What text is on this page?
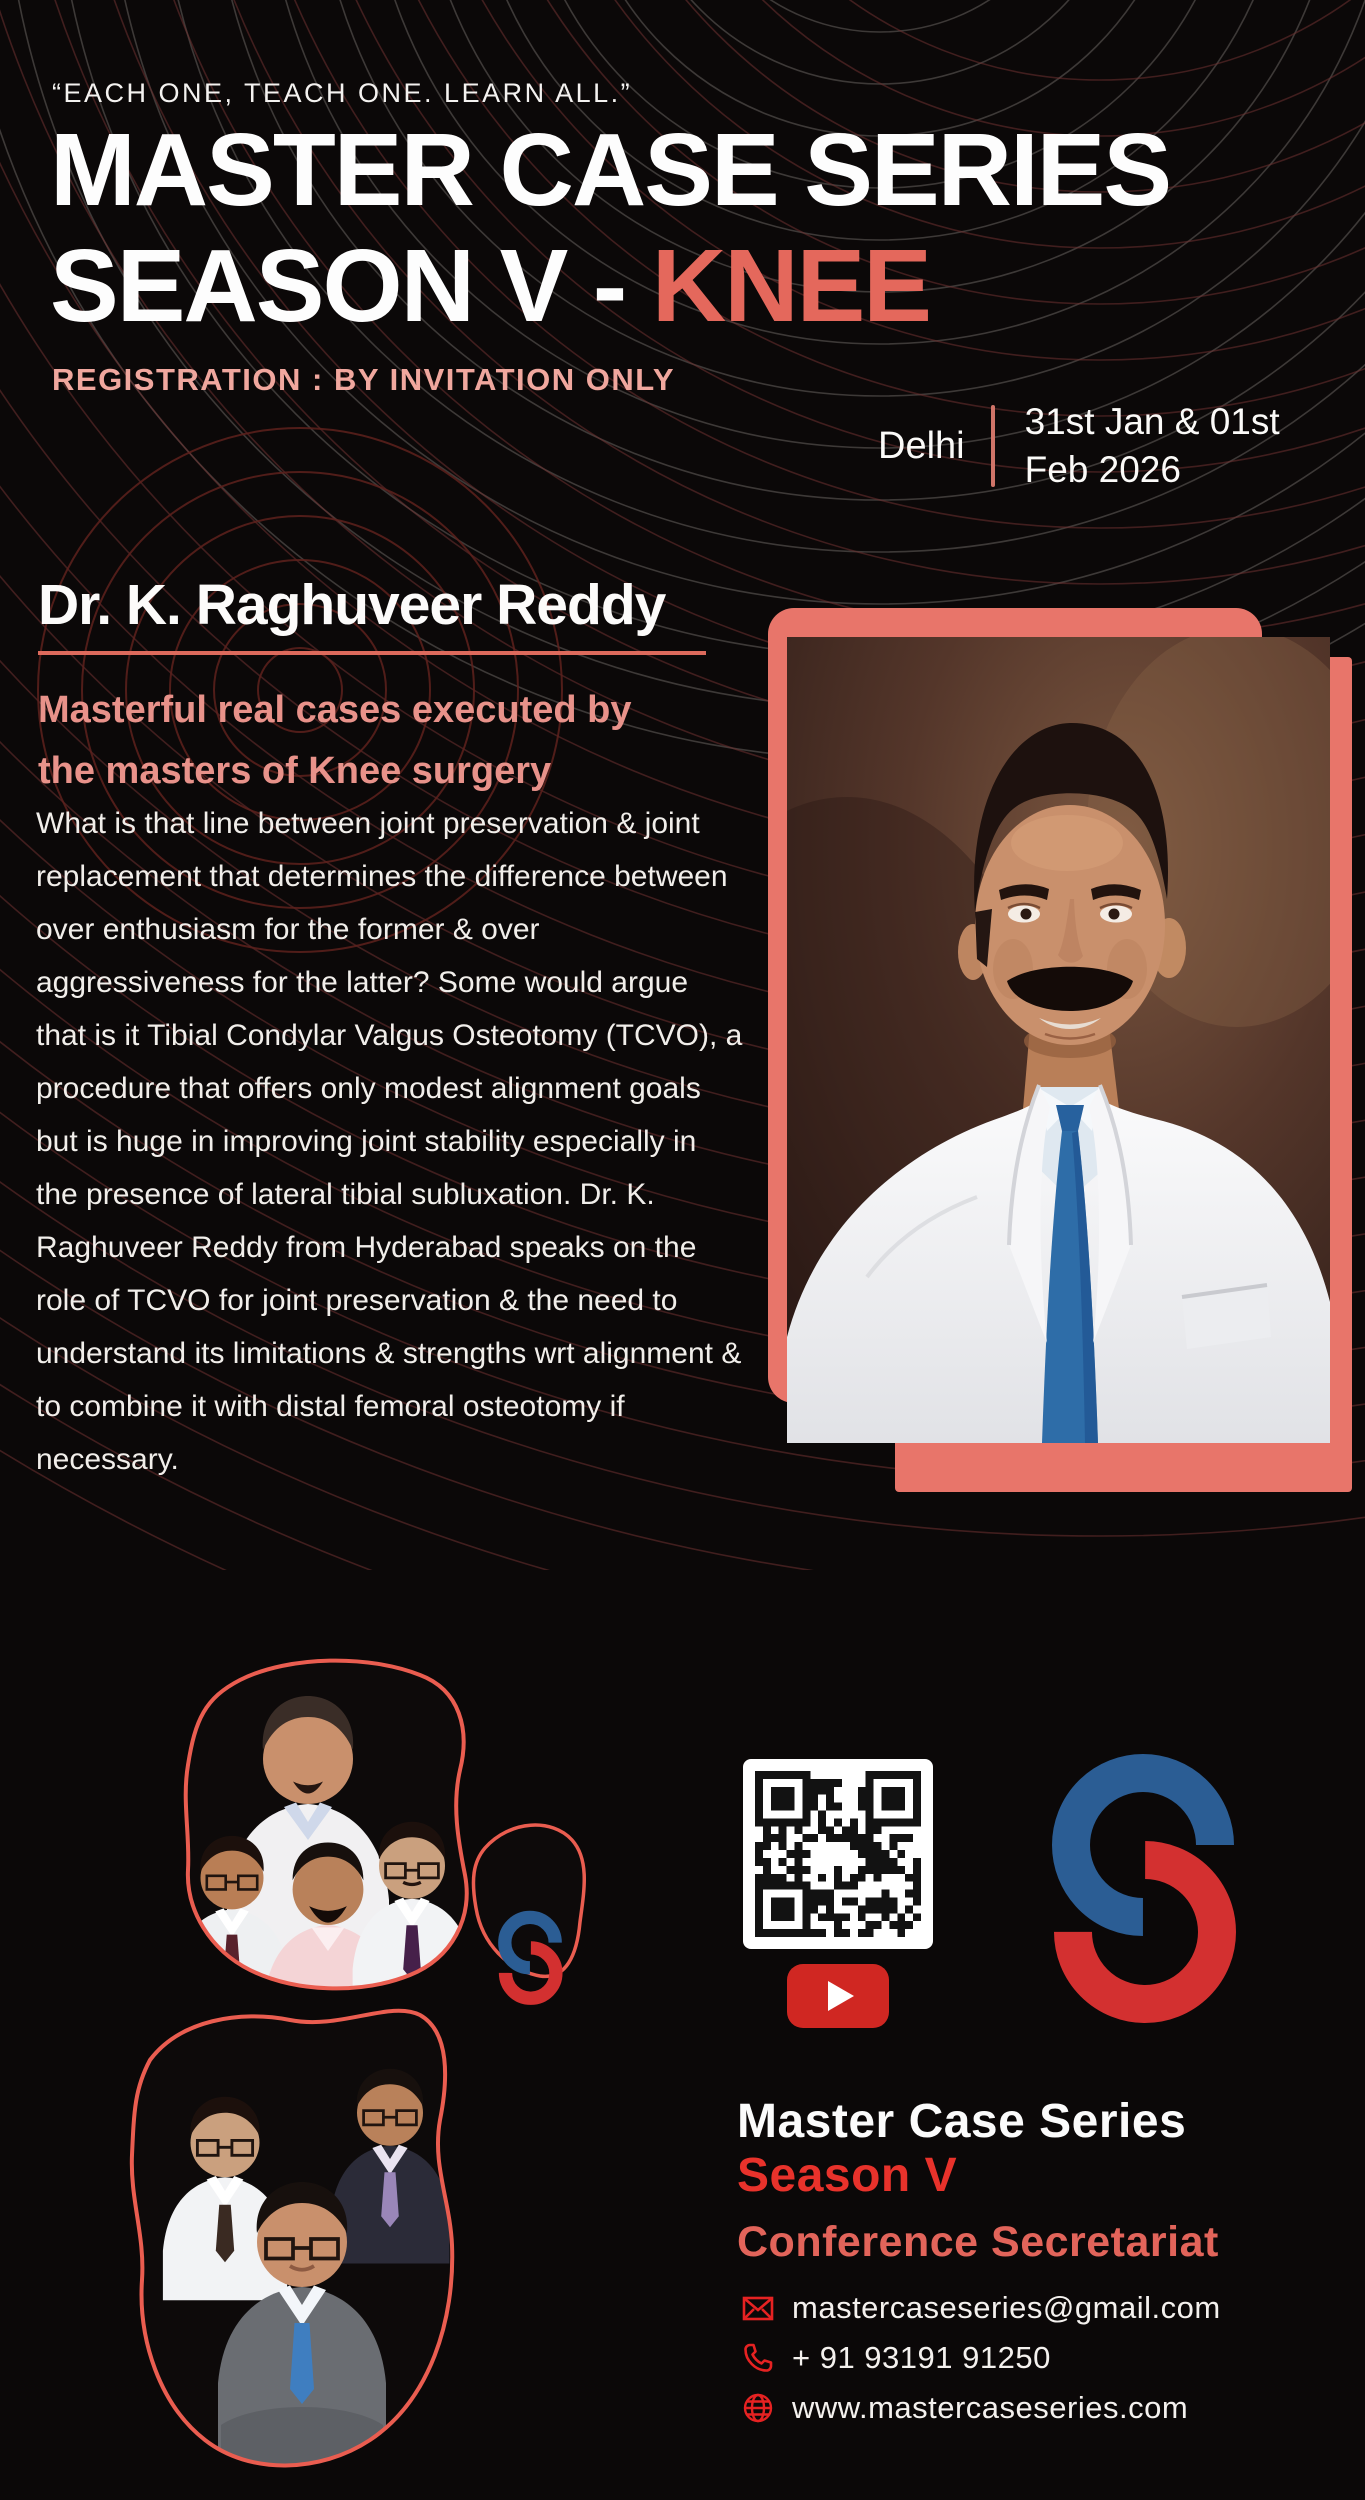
“EACH ONE, TEACH ONE. LEARN ALL.”
MASTER CASE SERIES
SEASON V - KNEE
REGISTRATION : BY INVITATION ONLY
Delhi
31st Jan & 01st
Feb 2026
Dr. K. Raghuveer Reddy
Masterful real cases executed by the masters of Knee surgery
What is that line between joint preservation & joint replacement that determines the difference between over enthusiasm for the former & over aggressiveness for the latter? Some would argue that is it Tibial Condylar Valgus Osteotomy (TCVO), a procedure that offers only modest alignment goals but is huge in improving joint stability especially in the presence of lateral tibial subluxation. Dr. K. Raghuveer Reddy from Hyderabad speaks on the role of TCVO for joint preservation & the need to understand its limitations & strengths wrt alignment & to combine it with distal femoral osteotomy if necessary.
Master Case Series
Season V
Conference Secretariat
mastercaseseries@gmail.com
+ 91 93191 91250
www.mastercaseseries.com
